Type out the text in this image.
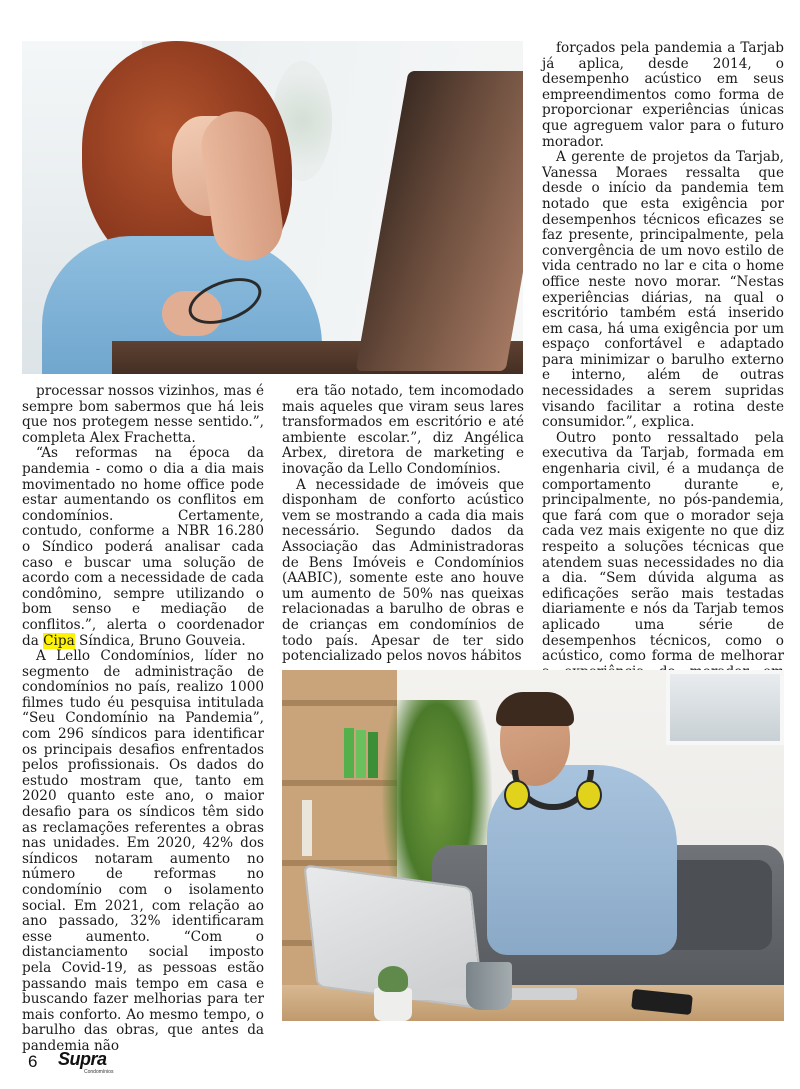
processar nossos vizinhos, mas é sempre bom sabermos que há leis que nos protegem nesse sentido.”, completa Alex Frachetta.

“As reformas na época da pandemia - como o dia a dia mais movimentado no home office pode estar aumentando os conflitos em condomínios. Certamente, contudo, conforme a NBR 16.280 o Síndico poderá analisar cada caso e buscar uma solução de acordo com a necessidade de cada condômino, sempre utilizando o bom senso e mediação de conflitos.”, alerta o coordenador da Cipa Síndica, Bruno Gouveia.

A Lello Condomínios, líder no segmento de administração de condomínios no país, realizo 1000 filmes tudo éu pesquisa intitulada “Seu Condomínio na Pandemia”, com 296 síndicos para identificar os principais desafios enfrentados pelos profissionais. Os dados do estudo mostram que, tanto em 2020 quanto este ano, o maior desafio para os síndicos têm sido as reclamações referentes a obras nas unidades. Em 2020, 42% dos síndicos notaram aumento no número de reformas no condomínio com o isolamento social. Em 2021, com relação ao ano passado, 32% identificaram esse aumento. “Com o distanciamento social imposto pela Covid-19, as pessoas estão passando mais tempo em casa e buscando fazer melhorias para ter mais conforto. Ao mesmo tempo, o barulho das obras, que antes da pandemia não

era tão notado, tem incomodado mais aqueles que viram seus lares transformados em escritório e até ambiente escolar.”, diz Angélica Arbex, diretora de marketing e inovação da Lello Condomínios.

A necessidade de imóveis que disponham de conforto acústico vem se mostrando a cada dia mais necessário. Segundo dados da Associação das Administradoras de Bens Imóveis e Condomínios (AABIC), somente este ano houve um aumento de 50% nas queixas relacionadas a barulho de obras e de crianças em condomínios de todo país. Apesar de ter sido potencializado pelos novos hábitos

forçados pela pandemia a Tarjab já aplica, desde 2014, o desempenho acústico em seus empreendimentos como forma de proporcionar experiências únicas que agreguem valor para o futuro morador.

A gerente de projetos da Tarjab, Vanessa Moraes ressalta que desde o início da pandemia tem notado que esta exigência por desempenhos técnicos eficazes se faz presente, principalmente, pela convergência de um novo estilo de vida centrado no lar e cita o home office neste novo morar. “Nestas experiências diárias, na qual o escritório também está inserido em casa, há uma exigência por um espaço confortável e adaptado para minimizar o barulho externo e interno, além de outras necessidades a serem supridas visando facilitar a rotina deste consumidor.”, explica.

Outro ponto ressaltado pela executiva da Tarjab, formada em engenharia civil, é a mudança de comportamento durante e, principalmente, no pós-pandemia, que fará com que o morador seja cada vez mais exigente no que diz respeito a soluções técnicas que atendem suas necessidades no dia a dia. “Sem dúvida alguma as edificações serão mais testadas diariamente e nós da Tarjab temos aplicado uma série de desempenhos técnicos, como o acústico, como forma de melhorar

6 Supra
Condomínios
